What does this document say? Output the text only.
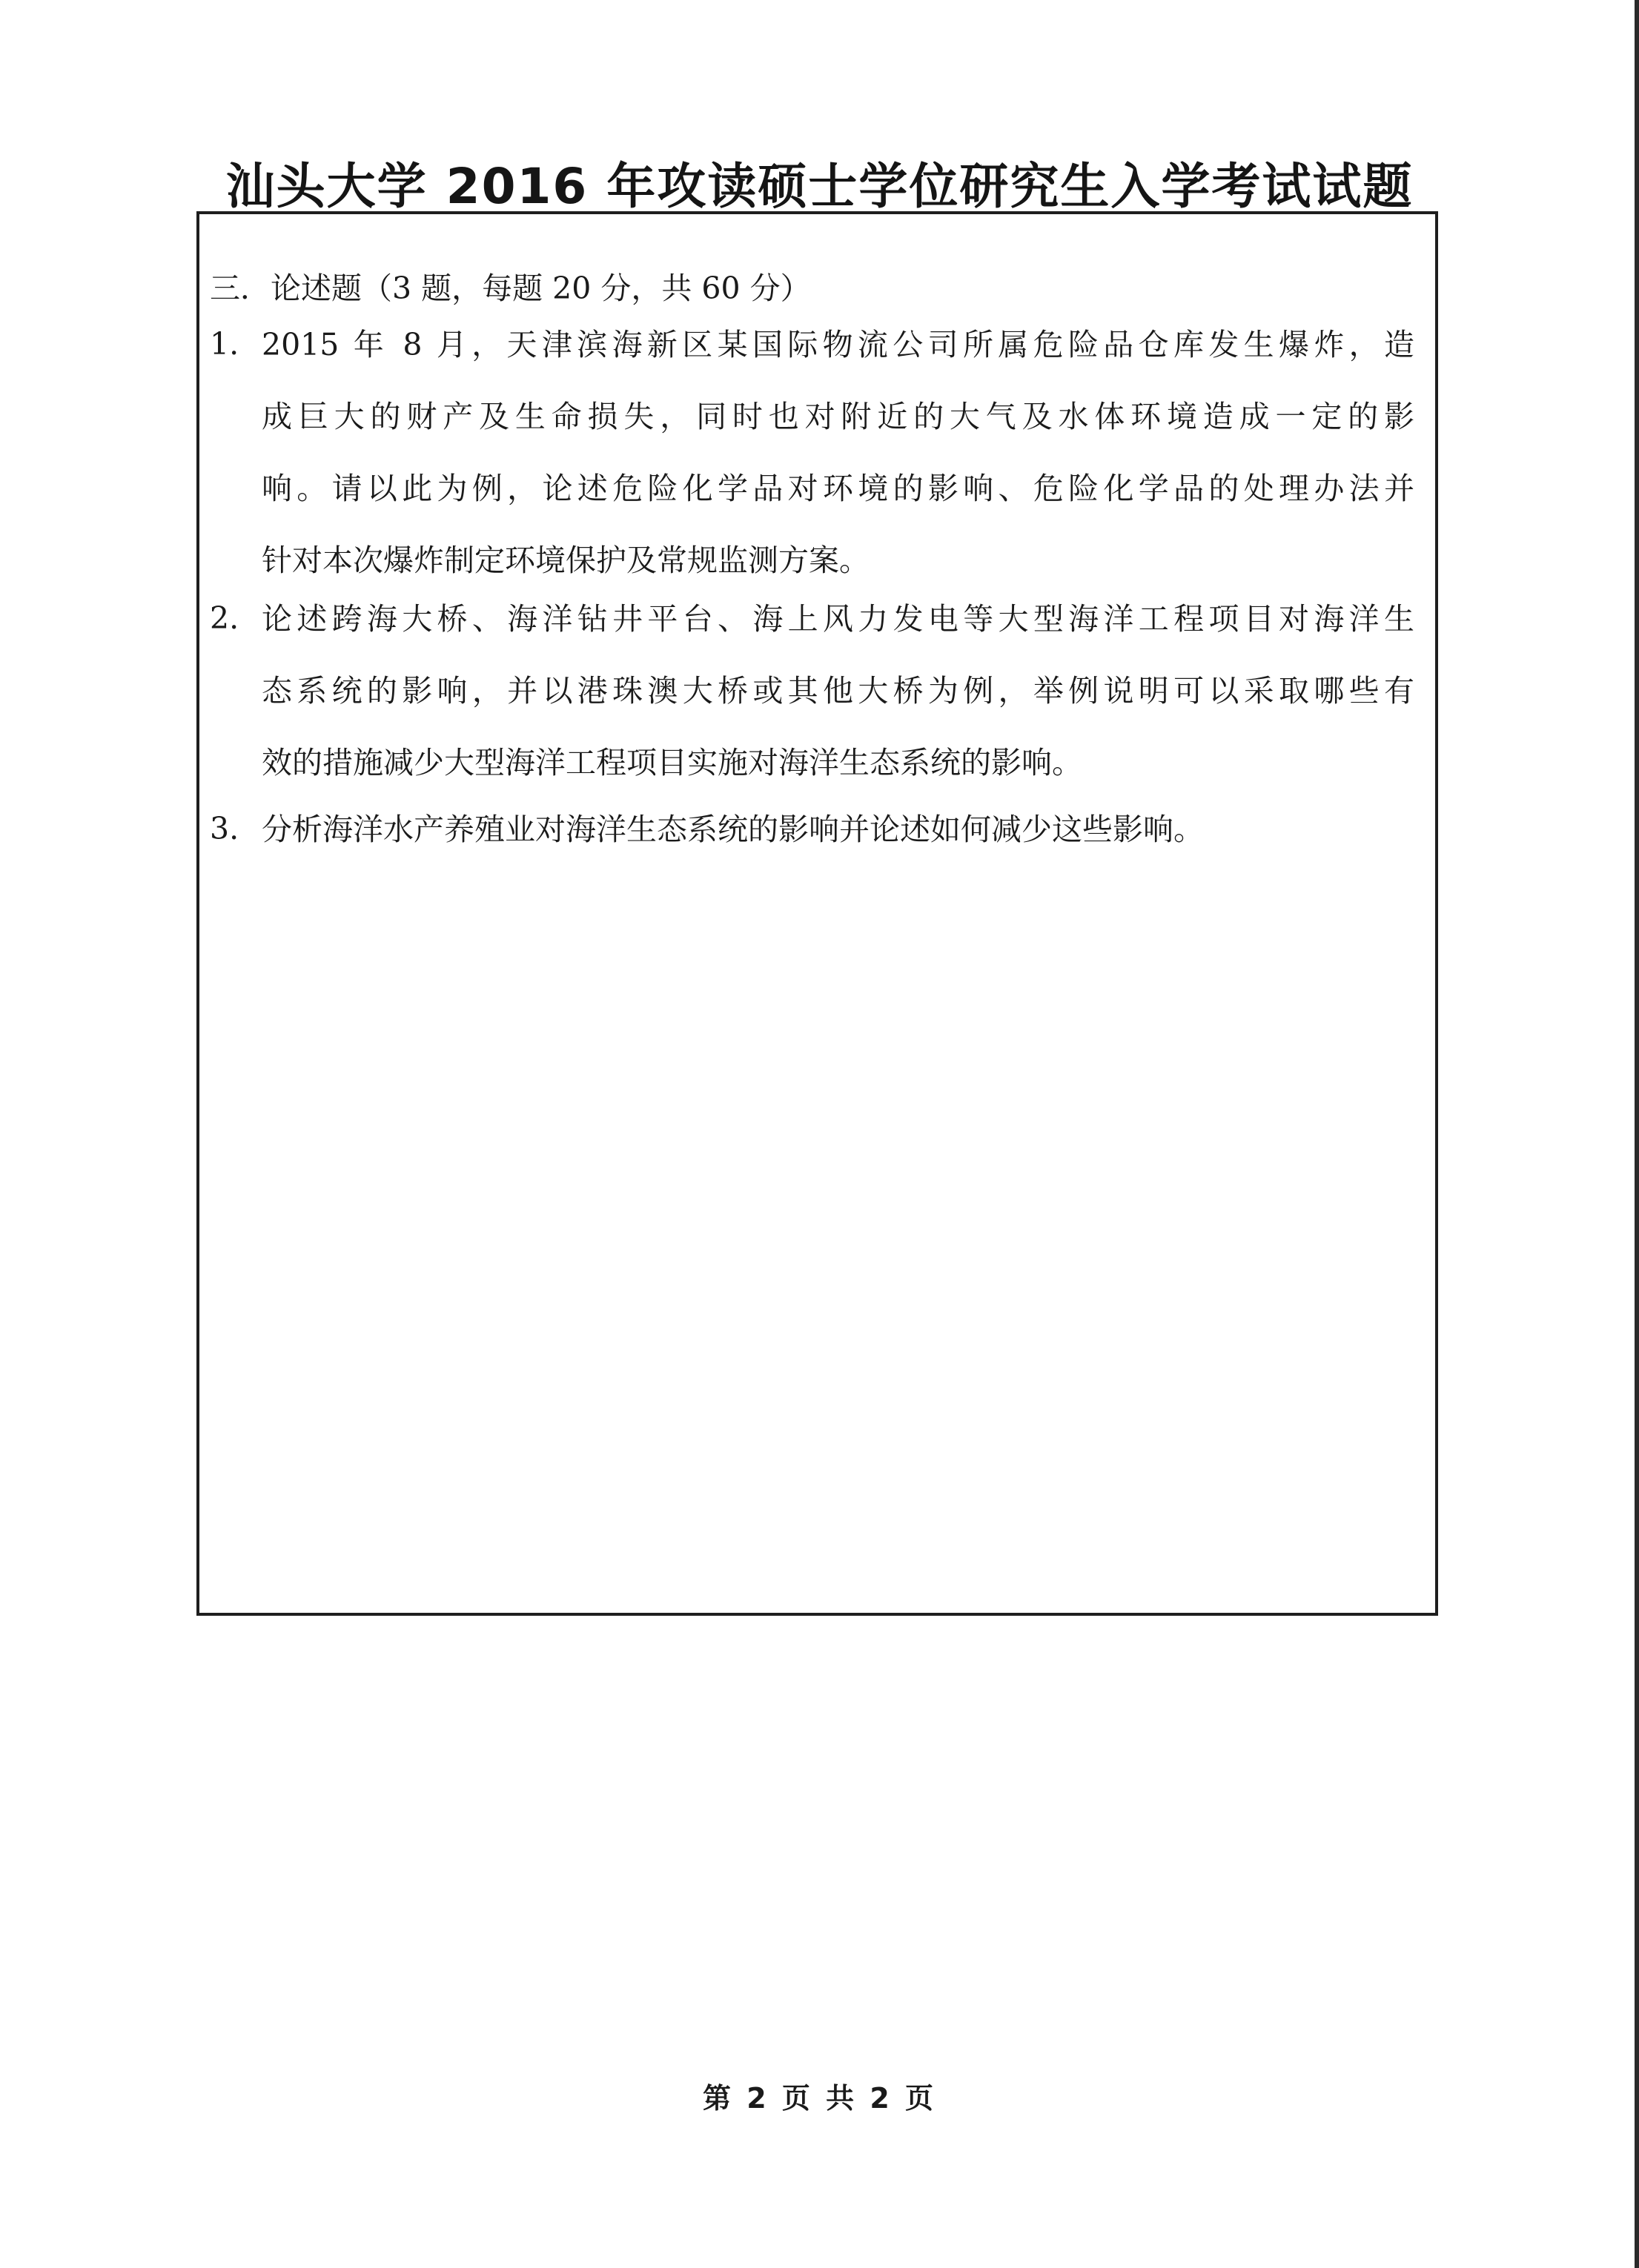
汕头大学 2016 年攻读硕士学位研究生入学考试试题
三．论述题（3 题，每题 20 分，共 60 分）
1. 2015 年 8 月，天津滨海新区某国际物流公司所属危险品仓库发生爆炸，造
成巨大的财产及生命损失，同时也对附近的大气及水体环境造成一定的影
响。请以此为例，论述危险化学品对环境的影响、危险化学品的处理办法并
针对本次爆炸制定环境保护及常规监测方案。
2. 论述跨海大桥、海洋钻井平台、海上风力发电等大型海洋工程项目对海洋生
态系统的影响，并以港珠澳大桥或其他大桥为例，举例说明可以采取哪些有
效的措施减少大型海洋工程项目实施对海洋生态系统的影响。
3. 分析海洋水产养殖业对海洋生态系统的影响并论述如何减少这些影响。
第 2 页 共 2 页
